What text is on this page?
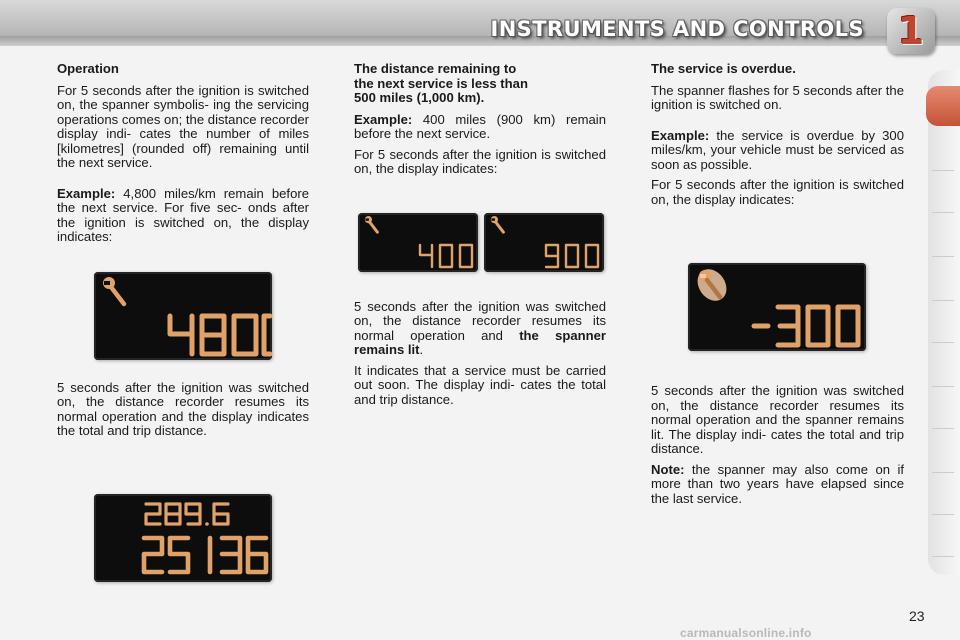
INSTRUMENTS AND CONTROLS 1
Operation

For 5 seconds after the ignition is switched on, the spanner symbolis- ing the servicing operations comes on; the distance recorder display indi- cates the number of miles [kilometres] (rounded off) remaining until the next service.

Example: 4,800 miles/km remain before the next service. For five sec- onds after the ignition is switched on, the display indicates:

5 seconds after the ignition was switched on, the distance recorder resumes its normal operation and the display indicates the total and trip distance.

4800
289.6 25 136
The distance remaining to
the next service is less than
500 miles (1,000 km).

Example: 400 miles (900 km) remain before the next service.

For 5 seconds after the ignition is switched on, the display indicates:

5 seconds after the ignition was switched on, the distance recorder resumes its normal operation and the spanner remains lit.

It indicates that a service must be carried out soon. The display indi- cates the total and trip distance.

400	900
The service is overdue.

The spanner flashes for 5 seconds after the ignition is switched on.

Example: the service is overdue by 300 miles/km, your vehicle must be serviced as soon as possible.

For 5 seconds after the ignition is switched on, the display indicates:

5 seconds after the ignition was switched on, the distance recorder resumes its normal operation and the spanner remains lit. The display indi- cates the total and trip distance.

Note: the spanner may also come on if more than two years have elapsed since the last service.

-300
23
carmanualsonline.info
